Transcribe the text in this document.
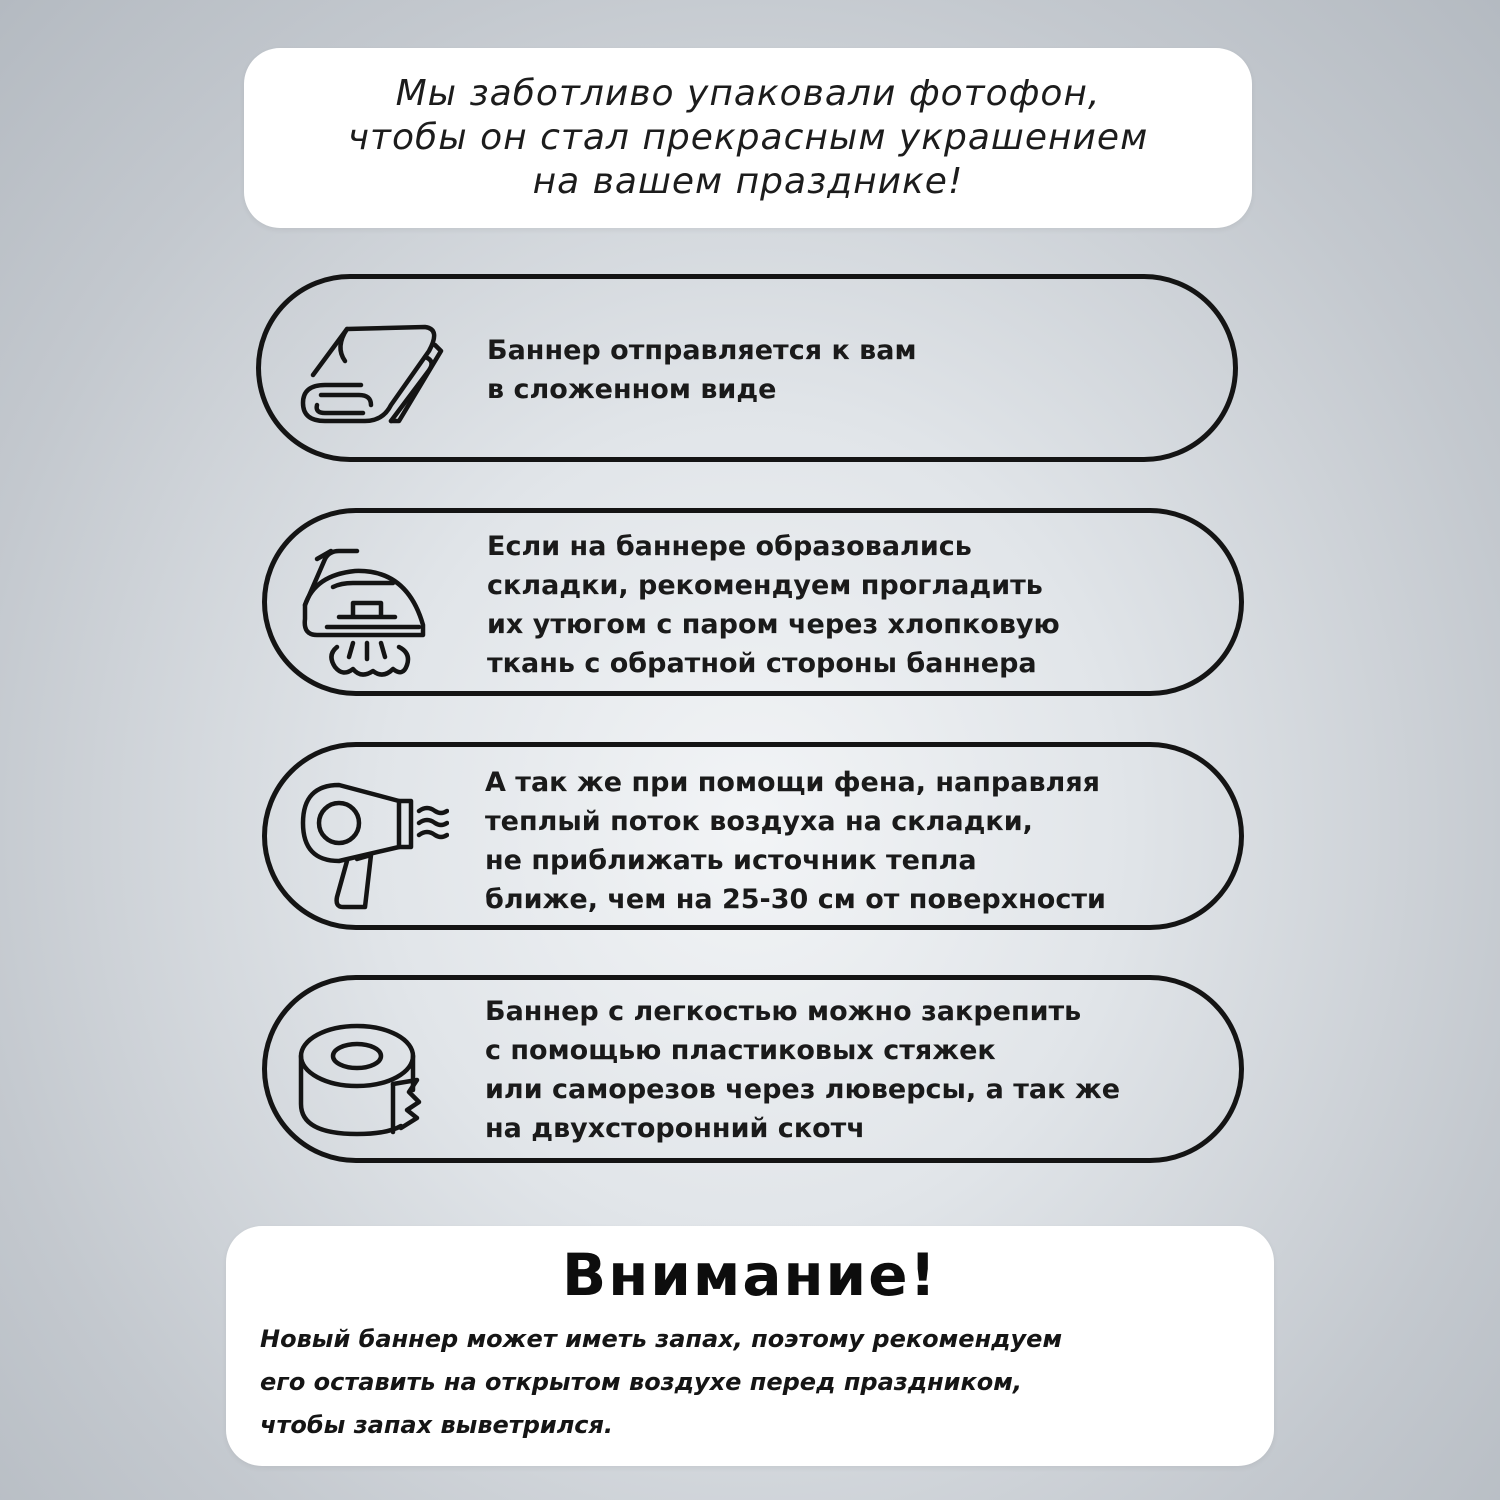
Мы заботливо упаковали фотофон,
чтобы он стал прекрасным украшением
на вашем празднике!

Баннер отправляется к вам
в сложенном виде

Если на баннере образовались
складки, рекомендуем прогладить
их утюгом с паром через хлопковую
ткань с обратной стороны баннера

А так же при помощи фена, направляя
теплый поток воздуха на складки,
не приближать источник тепла
ближе, чем на 25-30 см от поверхности

Баннер с легкостью можно закрепить
с помощью пластиковых стяжек
или саморезов через люверсы, а так же
на двухсторонний скотч

Внимание!

Новый баннер может иметь запах, поэтому рекомендуем
его оставить на открытом воздухе перед праздником,
чтобы запах выветрился.
